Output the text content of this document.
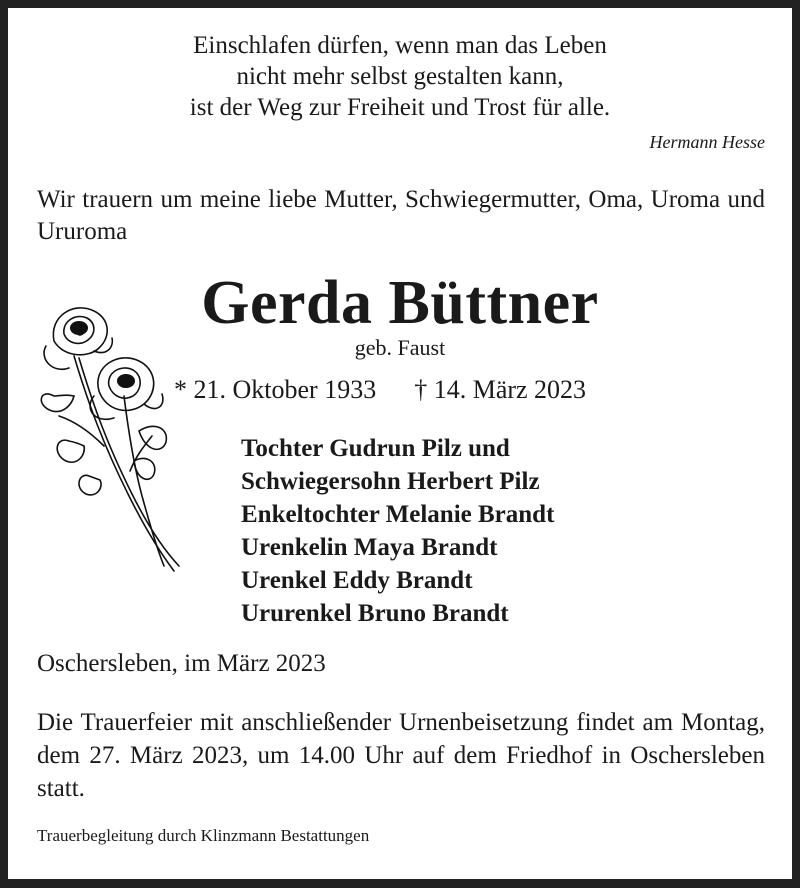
Einschlafen dürfen, wenn man das Leben
nicht mehr selbst gestalten kann,
ist der Weg zur Freiheit und Trost für alle.
Hermann Hesse
Wir trauern um meine liebe Mutter, Schwiegermutter, Oma, Uroma und Ururoma
Gerda Büttner
geb. Faust
* 21. Oktober 1933 † 14. März 2023
Tochter Gudrun Pilz und
Schwiegersohn Herbert Pilz
Enkeltochter Melanie Brandt
Urenkelin Maya Brandt
Urenkel Eddy Brandt
Ururenkel Bruno Brandt
Oschersleben, im März 2023
Die Trauerfeier mit anschließender Urnenbeisetzung findet am Montag, dem 27. März 2023, um 14.00 Uhr auf dem Friedhof in Oschersleben statt.
Trauerbegleitung durch Klinzmann Bestattungen
